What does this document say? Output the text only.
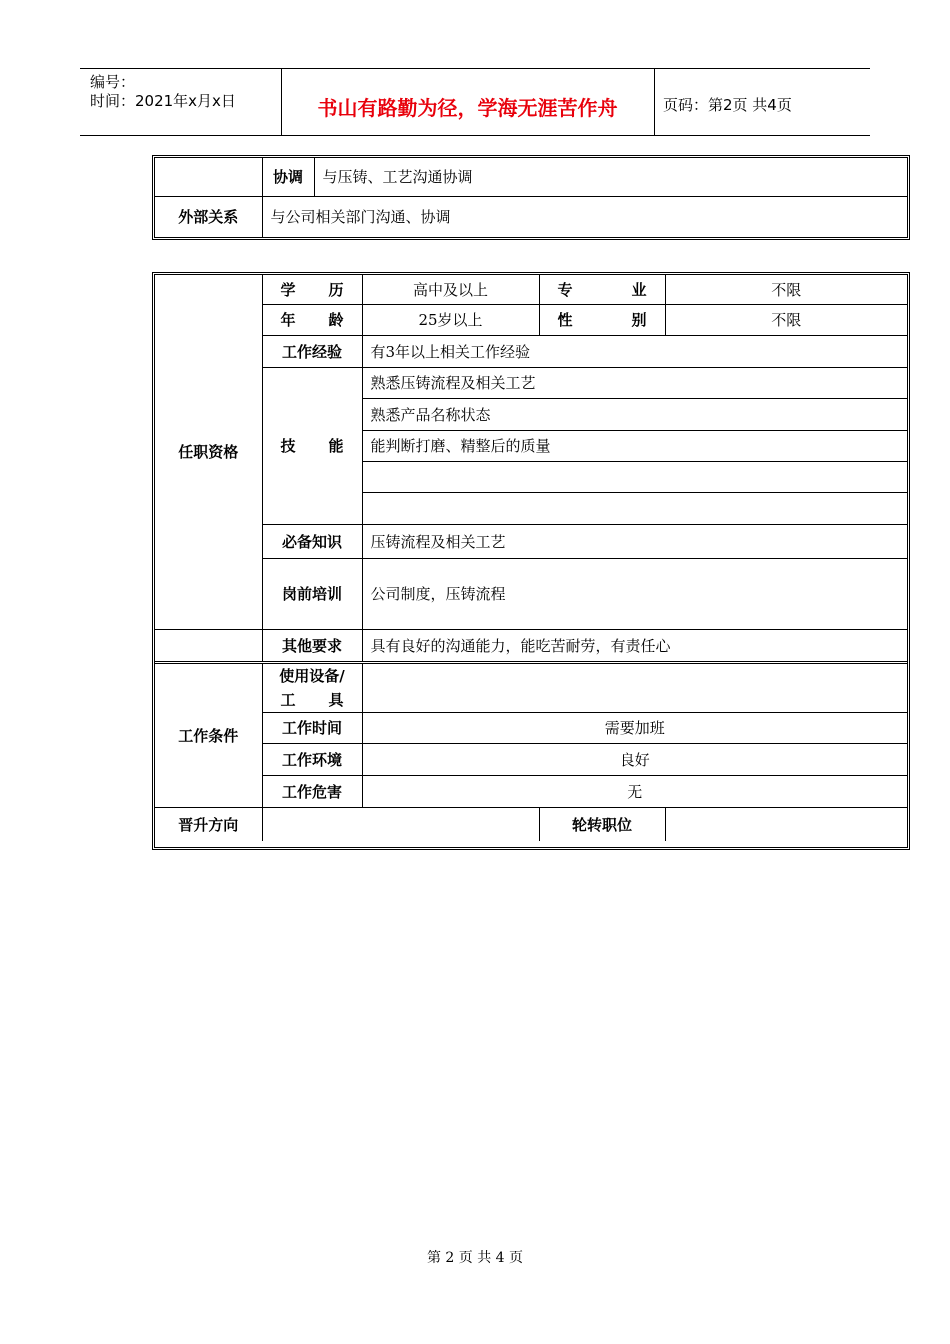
编号：
时间：2021年x月x日	书山有路勤为径，学海无涯苦作舟	页码：第2页 共4页
	协调	与压铸、工艺沟通协调
外部关系	与公司相关部门沟通、协调	
任职资格	学 历	高中及以上	专 业	不限
	年 龄	25岁以上	性 别	不限
	工作经验	有3年以上相关工作经验		
	技 能	熟悉压铸流程及相关工艺		
		熟悉产品名称状态		
		能判断打磨、精整后的质量		

	必备知识	压铸流程及相关工艺		
	岗前培训	公司制度，压铸流程		
	其他要求	具有良好的沟通能力，能吃苦耐劳，有责任心		
工作条件	使用设备/
工 具			

	工作时间	需要加班		
	工作环境	良好		
	工作危害	无		
晋升方向			轮转职位	
第 2 页 共 4 页
